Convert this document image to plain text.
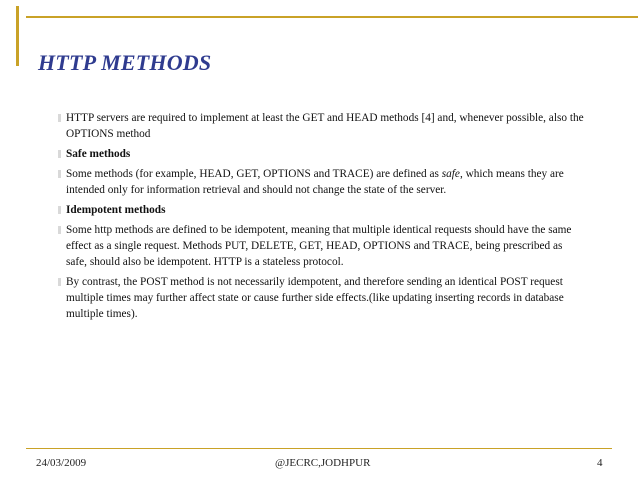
HTTP METHODS

HTTP servers are required to implement at least the GET and HEAD methods [4] and, whenever possible, also the OPTIONS method

Safe methods

Some methods (for example, HEAD, GET, OPTIONS and TRACE) are defined as safe, which means they are intended only for information retrieval and should not change the state of the server.

Idempotent methods

Some http methods are defined to be idempotent, meaning that multiple identical requests should have the same effect as a single request. Methods PUT, DELETE, GET, HEAD, OPTIONS and TRACE, being prescribed as safe, should also be idempotent. HTTP is a stateless protocol.

By contrast, the POST method is not necessarily idempotent, and therefore sending an identical POST request multiple times may further affect state or cause further side effects.(like updating inserting records in database multiple times).

24/03/2009	@JECRC,JODHPUR	4
